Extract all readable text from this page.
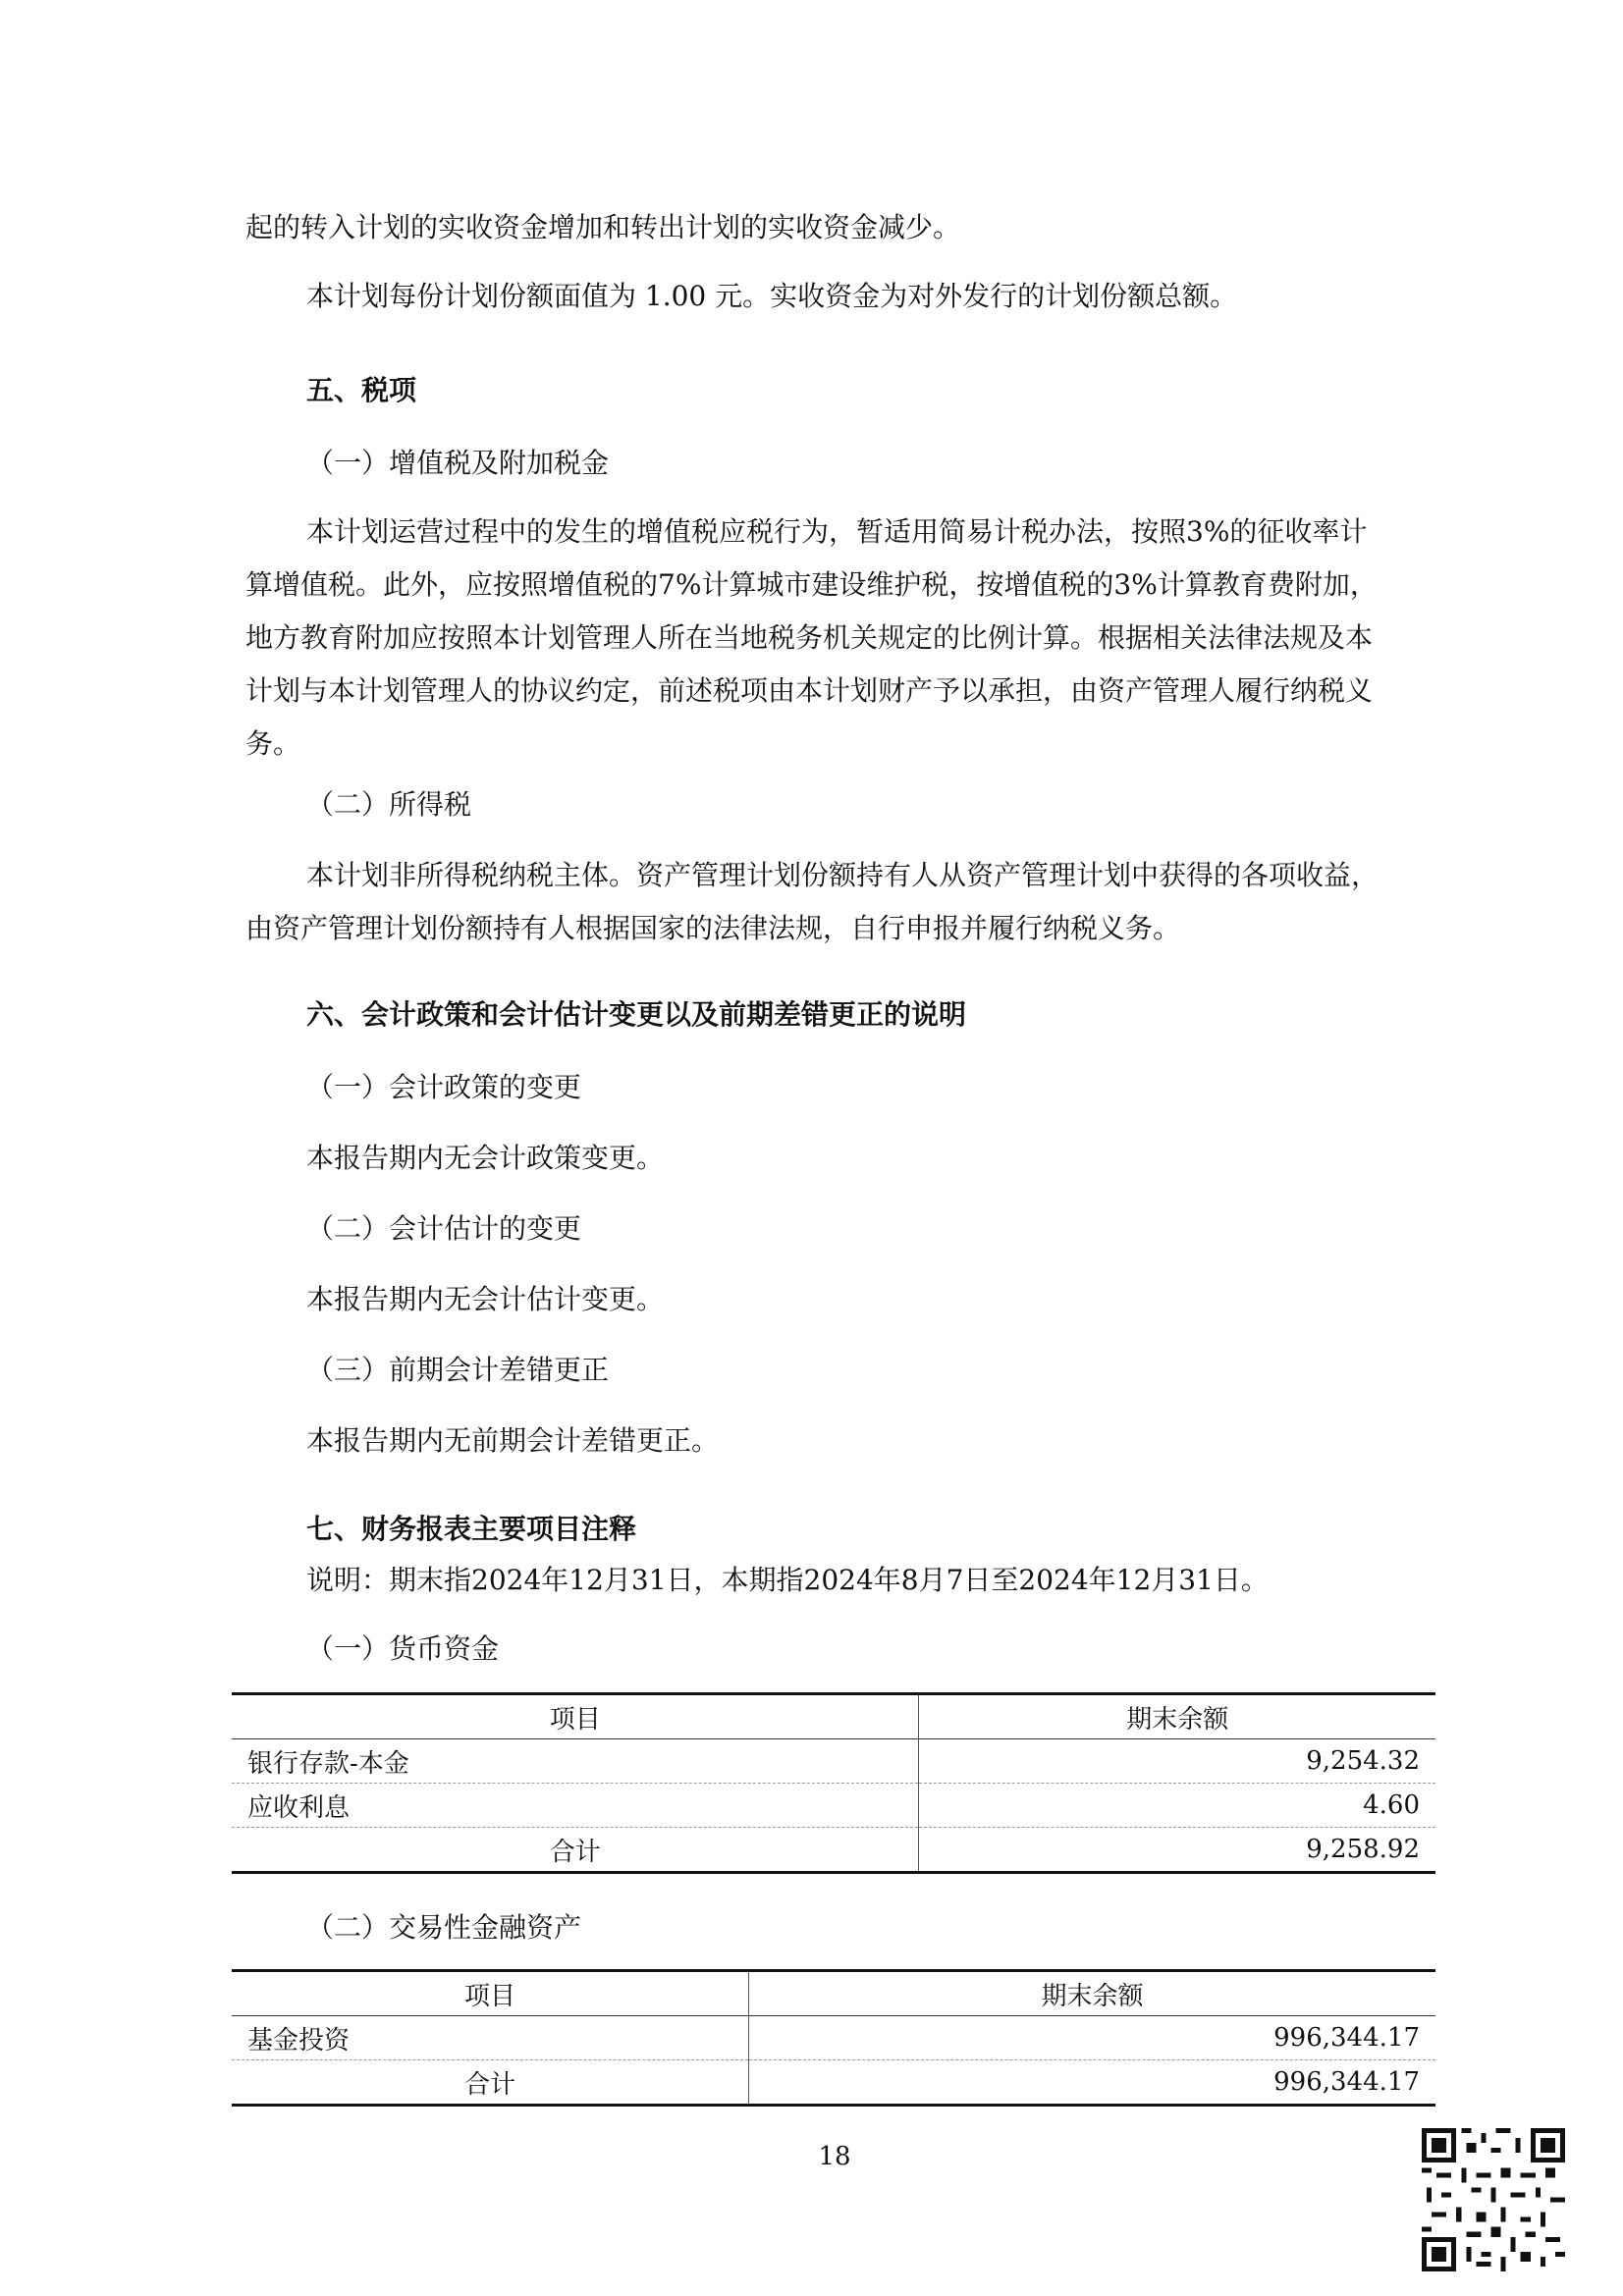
起的转入计划的实收资金增加和转出计划的实收资金减少。
本计划每份计划份额面值为 1.00 元。实收资金为对外发行的计划份额总额。
五、税项
（一）增值税及附加税金
本计划运营过程中的发生的增值税应税行为，暂适用简易计税办法，按照3%的征收率计
算增值税。此外，应按照增值税的7%计算城市建设维护税，按增值税的3%计算教育费附加，
地方教育附加应按照本计划管理人所在当地税务机关规定的比例计算。根据相关法律法规及本
计划与本计划管理人的协议约定，前述税项由本计划财产予以承担，由资产管理人履行纳税义
务。
（二）所得税
本计划非所得税纳税主体。资产管理计划份额持有人从资产管理计划中获得的各项收益，
由资产管理计划份额持有人根据国家的法律法规，自行申报并履行纳税义务。
六、会计政策和会计估计变更以及前期差错更正的说明
（一）会计政策的变更
本报告期内无会计政策变更。
（二）会计估计的变更
本报告期内无会计估计变更。
（三）前期会计差错更正
本报告期内无前期会计差错更正。
七、财务报表主要项目注释
说明：期末指2024年12月31日，本期指2024年8月7日至2024年12月31日。
（一）货币资金
项目	期末余额
银行存款-本金	9,254.32
应收利息	4.60
合计	9,258.92
（二）交易性金融资产
项目	期末余额
基金投资	996,344.17
合计	996,344.17
18
